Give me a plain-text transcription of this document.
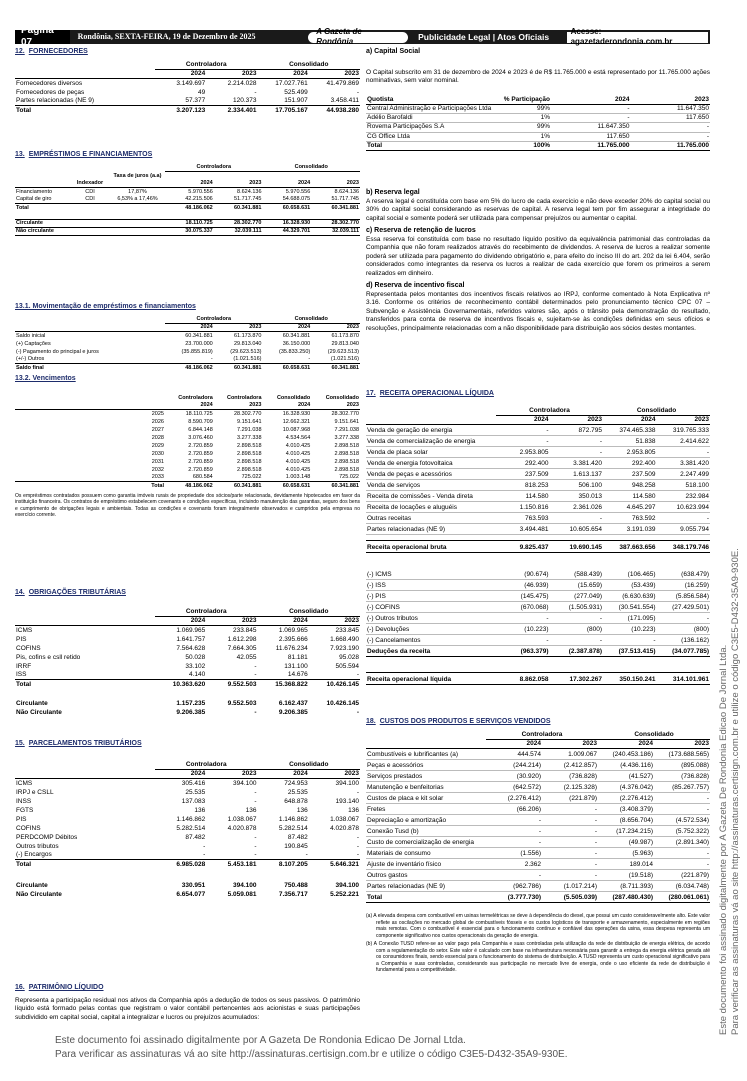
Página 07
Rondônia, SEXTA-FEIRA, 19 de Dezembro de 2025
A Gazeta de Rondônia	Publicidade Legal | Atos Oficiais
Acesse: agazetaderondonia.com.br
12. FORNECEDORES
	Controladora		Consolidado	
	2024	2023	2024	2023
Fornecedores diversos	3.149.697	2.214.028	17.027.761	41.479.869
Fornecedores de peças	49	-	525.499	-
Partes relacionadas (NE 9)	57.377	120.373	151.907	3.458.411
Total	3.207.123	2.334.401	17.705.167	44.938.280
13. EMPRÉSTIMOS E FINANCIAMENTOS
			Controladora		Consolidado	
		Taxa de juros (a.a)				
	Indexador		2024	2023	2024	2023
Financiamento	CDI	17,87%	5.970.556	8.624.136	5.970.556	8.624.136
Capital de giro	CDI	6,53% a 17,46%	42.215.506	51.717.745	54.688.075	51.717.745
Total			48.186.062	60.341.881	60.658.631	60.341.881

Circulante			18.110.725	28.302.770	16.328.930	28.302.770
Não circulante			30.075.337	32.039.111	44.329.701	32.039.111
13.1. Movimentação de empréstimos e financiamentos
	Controladora		Consolidado	
	2024	2023	2024	2023
Saldo inicial	60.341.881	61.173.870	60.341.881	61.173.870
(+) Captações	23.700.000	29.813.040	36.150.000	29.813.040
(-) Pagamento do principal e juros	(35.855.819)	(29.623.513)	(35.833.250)	(29.623.513)
(+/-) Outros	-	(1.021.516)	-	(1.021.516)
Saldo final	48.186.062	60.341.881	60.658.631	60.341.881
13.2. Vencimentos
	Controladora	Controladora	Consolidado	Consolidado
	2024	2023	2024	2023
2025	18.110.725	28.302.770	16.328.930	28.302.770
2026	8.590.709	9.151.641	12.662.321	9.151.641
2027	6.844.148	7.291.038	10.087.968	7.291.038
2028	3.076.460	3.277.338	4.534.564	3.277.338
2029	2.720.859	2.898.518	4.010.425	2.898.518
2030	2.720.859	2.898.518	4.010.425	2.898.518
2031	2.720.859	2.898.518	4.010.425	2.898.518
2032	2.720.859	2.898.518	4.010.425	2.898.518
2033	680.584	725.022	1.003.148	725.022
Total	48.186.062	60.341.881	60.658.631	60.341.881
Os empréstimos contratados possuem como garantia imóveis rurais de propriedade dos sócios/parte relacionada, devidamente hipotecados em favor da instituição financeira. Os contratos de empréstimo estabelecem covenants e condições específicas, incluindo manutenção das garantias, seguro dos bens e cumprimento de obrigações legais e ambientais. Todas as condições e covenants foram integralmente observados e cumpridos pela empresa no exercício corrente.
14. OBRIGAÇÕES TRIBUTÁRIAS
	Controladora		Consolidado	
	2024	2023	2024	2023
ICMS	1.069.965	233.845	1.069.965	233.845
PIS	1.641.757	1.612.298	2.395.666	1.668.490
COFINS	7.564.628	7.664.305	11.676.234	7.923.190
Pis, cofins e csll retido	50.028	42.055	81.181	95.028
IRRF	33.102	-	131.100	505.594
ISS	4.140	-	14.676	-
Total	10.363.620	9.552.503	15.368.822	10.426.145

Circulante	1.157.235	9.552.503	6.162.437	10.426.145
Não Circulante	9.206.385	-	9.206.385	-
15. PARCELAMENTOS TRIBUTÁRIOS
	Controladora		Consolidado	
	2024	2023	2024	2023
ICMS	305.416	394.100	724.953	394.100
IRPJ e CSLL	25.535	-	25.535	-
INSS	137.083	-	648.878	193.140
FGTS	136	136	136	136
PIS	1.146.862	1.038.067	1.146.862	1.038.067
COFINS	5.282.514	4.020.878	5.282.514	4.020.878
PERDCOMP Débitos	87.482	-	87.482	-
Outros tributos	-	-	190.845	-
(-) Encargos	-	-	-	-
Total	6.985.028	5.453.181	8.107.205	5.646.321

Circulante	330.951	394.100	750.488	394.100
Não Circulante	6.654.077	5.059.081	7.356.717	5.252.221
16. PATRIMÔNIO LÍQUIDO
Representa a participação residual nos ativos da Companhia após a dedução de todos os seus passivos. O patrimônio líquido está formado pelas contas que registram o valor contábil pertencentes aos acionistas e suas participações subdividido em capital social, capital a integralizar e lucros ou prejuízos acumulados:
a) Capital Social
O Capital subscrito em 31 de dezembro de 2024 e 2023 é de R$ 11.765.000 e está representado por 11.765.000 ações nominativas, sem valor nominal.
Quotista	% Participação	2024	2023
Central Administração e Participações Ltda	99%	-	11.647.350
Adélio Barofaldi	1%	-	117.650
Rovema Participações S.A	99%	11.647.350	-
CG Office Ltda	1%	117.650	-
Total	100%	11.765.000	11.765.000
b) Reserva legal
A reserva legal é constituída com base em 5% do lucro de cada exercício e não deve exceder 20% do capital social ou 30% do capital social considerando as reservas de capital. A reserva legal tem por fim assegurar a integridade do capital social e somente poderá ser utilizada para compensar prejuízos ou aumentar o capital.
c) Reserva de retenção de lucros
Essa reserva foi constituída com base no resultado líquido positivo da equivalência patrimonial das controladas da Companhia que não foram realizados através do recebimento de dividendos. A reserva de lucros a realizar somente poderá ser utilizada para pagamento do dividendo obrigatório e, para efeito do inciso III do art. 202 da lei 6.404, serão considerados como integrantes da reserva os lucros a realizar de cada exercício que forem os primeiros a serem realizados em dinheiro.
d) Reserva de incentivo fiscal
Representada pelos montantes dos incentivos fiscais relativos ao IRPJ, conforme comentado à Nota Explicativa nº 3.16. Conforme os critérios de reconhecimento contábil determinados pelo pronunciamento técnico CPC 07 – Subvenção e Assistência Governamentais, referidos valores são, após o trânsito pela demonstração do resultado, transferidos para conta de reserva de incentivos fiscais e, sujeitam-se às condições definidas em seus ofícios e resoluções, principalmente relacionadas com a não disponibilidade para distribuição aos sócios destes montantes.
17. RECEITA OPERACIONAL LÍQUIDA
	Controladora		Consolidado	
	2024	2023	2024	2023
Venda de geração de energia	-	872.795	374.465.338	319.765.333
Venda de comercialização de energia	-	-	51.838	2.414.622
Venda de placa solar	2.953.805	-	2.953.805	-
Venda de energia fotovoltaica	292.400	3.381.420	292.400	3.381.420
Venda de peças e acessórios	237.509	1.613.137	237.509	2.247.499
Venda de serviços	818.253	506.100	948.258	518.100
Receita de comissões - Venda direta	114.580	350.013	114.580	232.984
Receita de locações e aluguéis	1.150.816	2.361.026	4.645.297	10.623.994
Outras receitas	763.593	-	763.592	-
Partes relacionadas (NE 9)	3.494.481	10.605.654	3.191.039	9.055.794

Receita operacional bruta	9.825.437	19.690.145	387.663.656	348.179.746

(-) ICMS	(90.674)	(588.439)	(106.465)	(638.479)
(-) ISS	(46.939)	(15.659)	(53.439)	(16.259)
(-) PIS	(145.475)	(277.049)	(6.630.639)	(5.856.584)
(-) COFINS	(670.068)	(1.505.931)	(30.541.554)	(27.429.501)
(-) Outros tributos	-	-	(171.095)	-
(-) Devoluções	(10.223)	(800)	(10.223)	(800)
(-) Cancelamentos	-	-	-	(136.162)
Deduções da receita	(963.379)	(2.387.878)	(37.513.415)	(34.077.785)

Receita operacional líquida	8.862.058	17.302.267	350.150.241	314.101.961
18. CUSTOS DOS PRODUTOS E SERVIÇOS VENDIDOS
	Controladora		Consolidado	
	2024	2023	2024	2023
Combustíveis e lubrificantes (a)	444.574	1.009.067	(240.453.186)	(173.688.565)
Peças e acessórios	(244.214)	(2.412.857)	(4.436.116)	(895.088)
Serviços prestados	(30.920)	(736.828)	(41.527)	(736.828)
Manutenção e benfeitorias	(642.572)	(2.125.328)	(4.376.042)	(85.267.757)
Custos de placa e kit solar	(2.276.412)	(221.879)	(2.276.412)	-
Fretes	(66.206)	-	(3.408.379)	-
Depreciação e amortização	-	-	(8.656.704)	(4.572.534)
Conexão Tusd (b)	-	-	(17.234.215)	(5.752.322)
Custo de comercialização de energia	-	-	(49.987)	(2.891.340)
Materiais de consumo	(1.556)	-	(5.963)	-
Ajuste de inventário físico	2.362	-	189.014	-
Outros gastos	-	-	(19.518)	(221.879)
Partes relacionadas (NE 9)	(962.786)	(1.017.214)	(8.711.393)	(6.034.748)
Total	(3.777.730)	(5.505.039)	(287.480.430)	(280.061.061)
(a) A elevada despesa com combustível em usinas termelétricas se deve à dependência do diesel, que possui um custo consideravelmente alto. Este valor reflete as oscilações no mercado global de combustíveis fósseis e os custos logísticos de transporte e armazenamento, especialmente em regiões mais remotas. Com o combustível é essencial para o funcionamento contínuo e confiável das operações da usina, essa despesa representa um componente significativo nos custos operacionais da geração de energia.
(b) A Conexão TUSD refere-se ao valor pago pela Companhia e suas controladas pela utilização da rede de distribuição de energia elétrica, de acordo com a regulamentação do setor. Este valor é calculado com base na infraestrutura necessária para garantir a entrega da energia elétrica gerada até os consumidores finais, sendo essencial para o funcionamento do sistema de distribuição. A TUSD representa um custo operacional significativo para a Companhia e suas controladas, considerando sua participação no mercado livre de energia, onde o uso eficiente da rede de distribuição é fundamental para a competitividade.
Este documento foi assinado digitalmente por A Gazeta De Rondonia Edicao De Jornal Ltda.
Para verificar as assinaturas vá ao site http://assinaturas.certisign.com.br e utilize o código C3E5-D432-35A9-930E.
Este documento foi assinado digitalmente por A Gazeta De Rondonia Edicao De Jornal Ltda. Para verificar as assinaturas vá ao site http://assinaturas.certisign.com.br e utilize o código C3E5-D432-35A9-930E.
